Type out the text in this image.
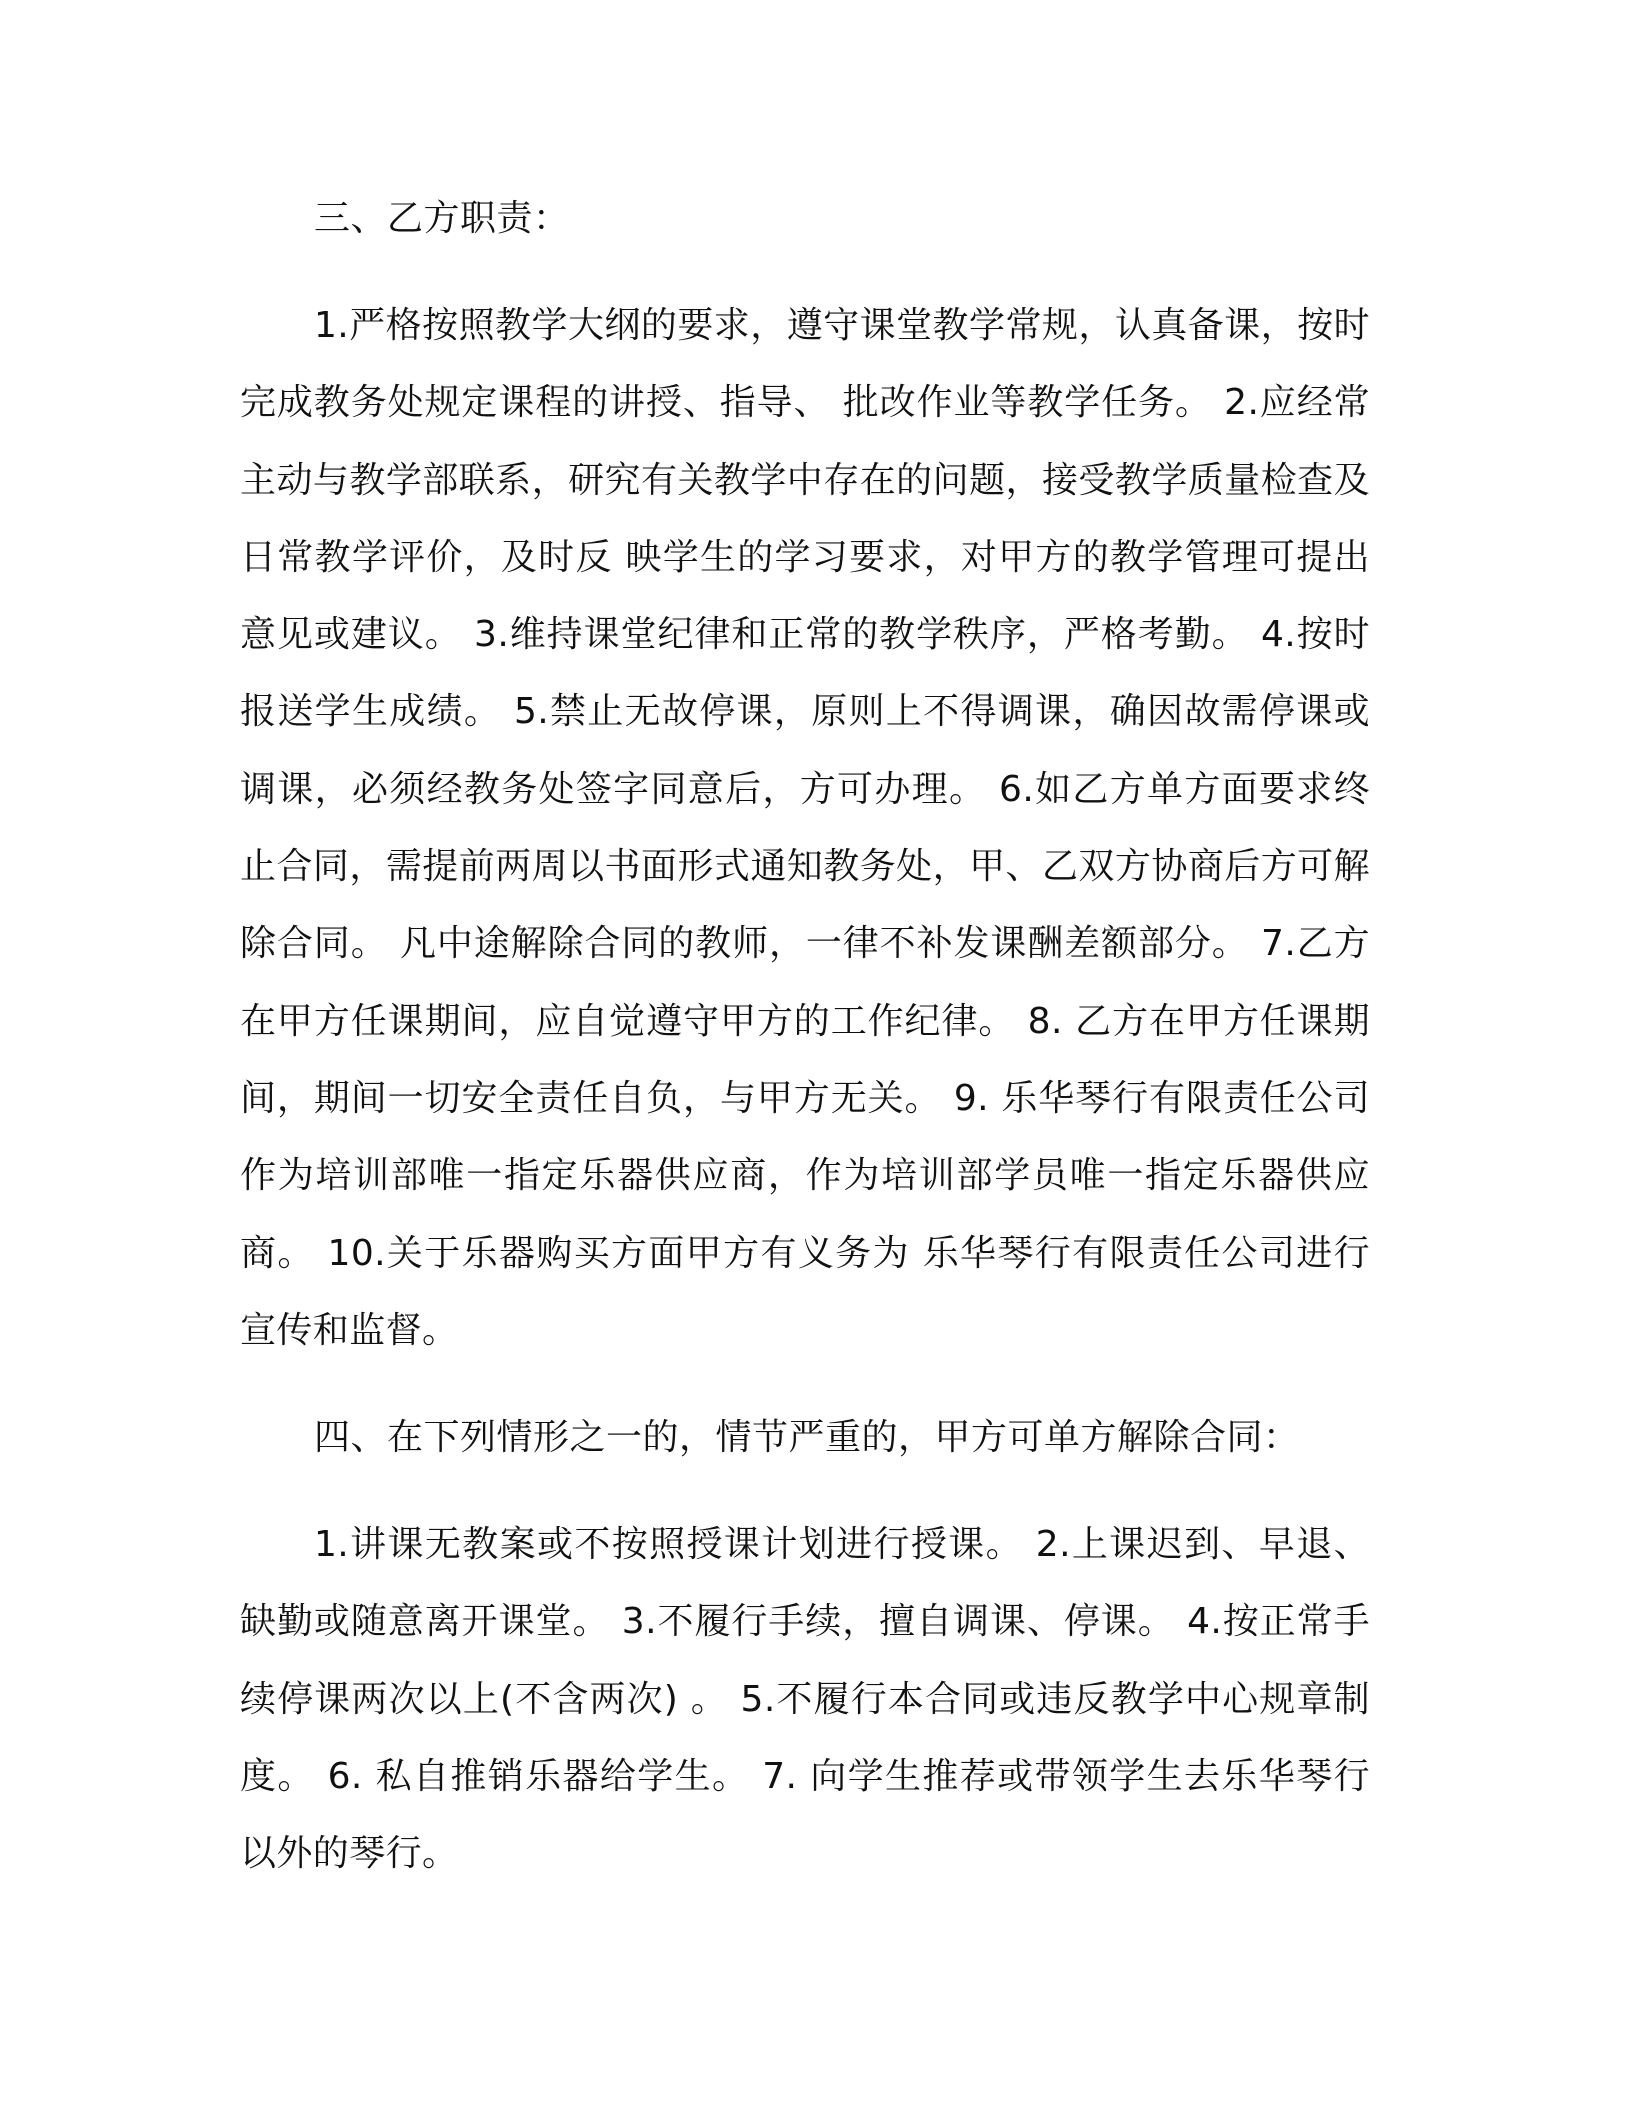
三、乙方职责：

1.严格按照教学大纲的要求，遵守课堂教学常规，认真备课，按时完成教务处规定课程的讲授、指导、 批改作业等教学任务。 2.应经常主动与教学部联系，研究有关教学中存在的问题，接受教学质量检查及日常教学评价，及时反 映学生的学习要求，对甲方的教学管理可提出意见或建议。 3.维持课堂纪律和正常的教学秩序，严格考勤。 4.按时报送学生成绩。 5.禁止无故停课，原则上不得调课，确因故需停课或调课，必须经教务处签字同意后，方可办理。 6.如乙方单方面要求终止合同，需提前两周以书面形式通知教务处，甲、乙双方协商后方可解除合同。 凡中途解除合同的教师，一律不补发课酬差额部分。 7.乙方在甲方任课期间，应自觉遵守甲方的工作纪律。 8. 乙方在甲方任课期间，期间一切安全责任自负，与甲方无关。 9. 乐华琴行有限责任公司作为培训部唯一指定乐器供应商，作为培训部学员唯一指定乐器供应商。 10.关于乐器购买方面甲方有义务为 乐华琴行有限责任公司进行宣传和监督。

四、在下列情形之一的，情节严重的，甲方可单方解除合同：

1.讲课无教案或不按照授课计划进行授课。 2.上课迟到、早退、缺勤或随意离开课堂。 3.不履行手续，擅自调课、停课。 4.按正常手续停课两次以上(不含两次) 。 5.不履行本合同或违反教学中心规章制度。 6. 私自推销乐器给学生。 7. 向学生推荐或带领学生去乐华琴行以外的琴行。
